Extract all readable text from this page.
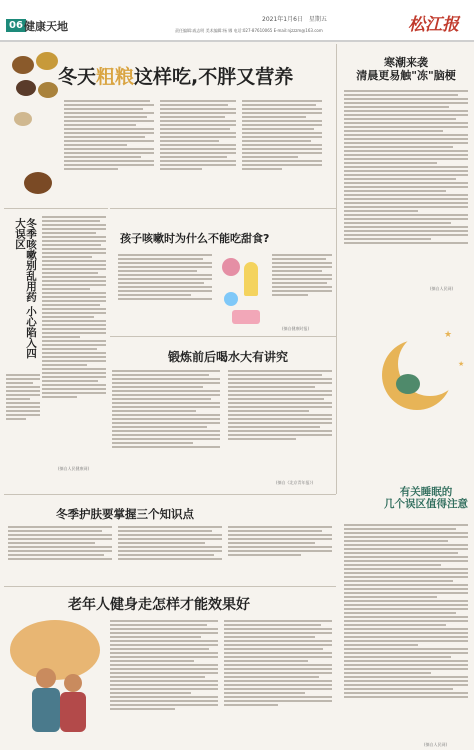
06 健康天地
2021年1月6日　星期五
责任编辑:戚志明 美术编辑:杨 娜 电话:027-87610065 E-mail:njzzzm@163.com	松江报
冬天粗粮这样吃,不胖又营养
寒潮来袭
清晨更易触"冻"脑梗
(摘自人民网)
孩子咳嗽时为什么不能吃甜食?
(摘自健康时报)
冬季咳嗽别乱用药 小心陷入四大误区
(摘自人民健康网)
锻炼前后喝水大有讲究
(摘自《北京青年报》)
★
★
有关睡眠的
几个误区值得注意
(摘自人民网)
冬季护肤要掌握三个知识点
老年人健身走怎样才能效果好
